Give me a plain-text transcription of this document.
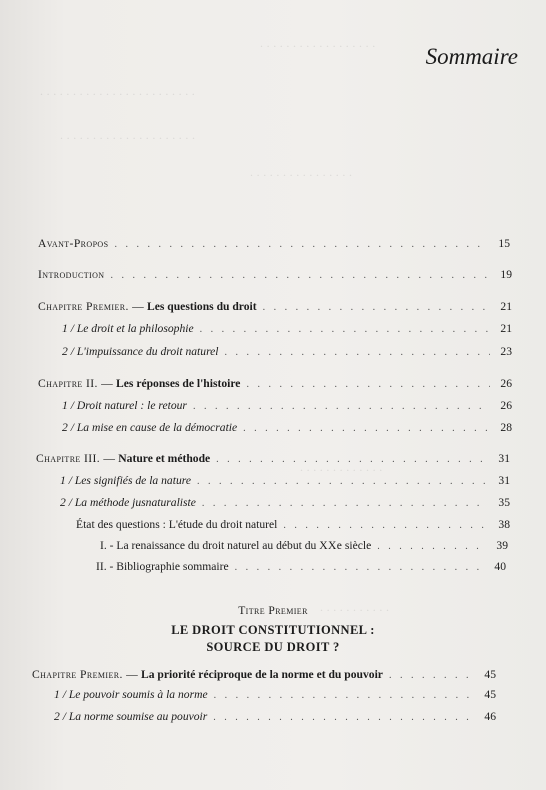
. . . . . . . . . . . . . . . . . .
. . . . . . . . . . . . . . . . . . . . . . . .
. . . . . . . . . . . . . . . . . . . . .
. . . . . . . . . . . . . . . .
. . . . . . . . . . . . .
. . . . . . . . . . .
Sommaire
Avant-Propos . . .	15
Introduction . . .	19
Chapitre Premier. — Les questions du droit . . .	21
1 / Le droit et la philosophie . . .	21
2 / L'impuissance du droit naturel . . .	23
Chapitre II. — Les réponses de l'histoire . . .	26
1 / Droit naturel : le retour . . .	26
2 / La mise en cause de la démocratie . . .	28
Chapitre III. — Nature et méthode . . .	31
1 / Les signifiés de la nature . . .	31
2 / La méthode jusnaturaliste . . .	35
État des questions : L'étude du droit naturel . . .	38
I. - La renaissance du droit naturel au début du XXe siècle . . .	39
II. - Bibliographie sommaire . . .	40
Titre Premier
LE DROIT CONSTITUTIONNEL :
SOURCE DU DROIT ?
Chapitre Premier. — La priorité réciproque de la norme et du pouvoir . . .	45
1 / Le pouvoir soumis à la norme . . .	45
2 / La norme soumise au pouvoir . . .	46
